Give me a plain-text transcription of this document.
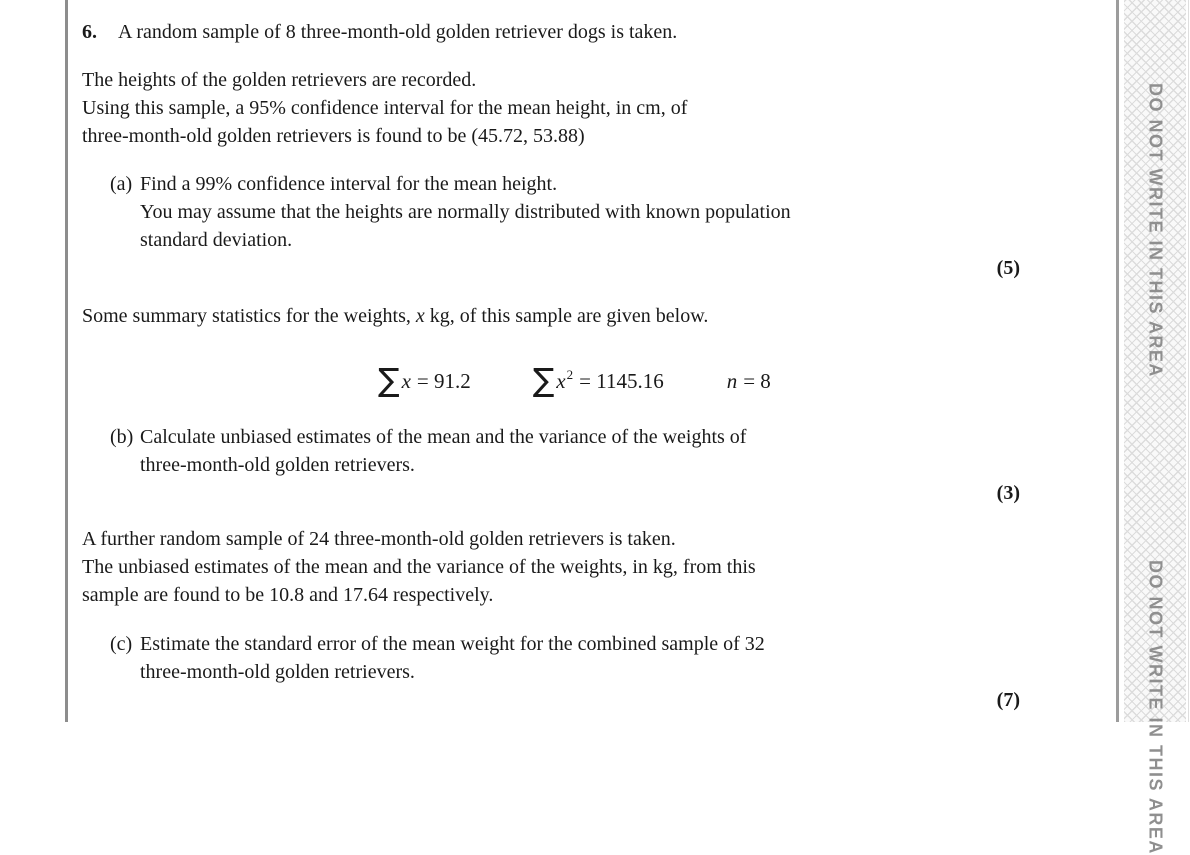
6.	A random sample of 8 three-month-old golden retriever dogs is taken.
The heights of the golden retrievers are recorded.
Using this sample, a 95% confidence interval for the mean height, in cm, of
three-month-old golden retrievers is found to be (45.72, 53.88)
(a) Find a 99% confidence interval for the mean height.
You may assume that the heights are normally distributed with known population
standard deviation.
(5)
Some summary statistics for the weights, x kg, of this sample are given below.
∑ x = 91.2 ∑ x 2 = 1145.16	n = 8
(b) Calculate unbiased estimates of the mean and the variance of the weights of
three-month-old golden retrievers.
(3)
A further random sample of 24 three-month-old golden retrievers is taken.
The unbiased estimates of the mean and the variance of the weights, in kg, from this
sample are found to be 10.8 and 17.64 respectively.
(c) Estimate the standard error of the mean weight for the combined sample of 32
three-month-old golden retrievers.
(7)
DO NOT WRITE IN THIS AREA
DO NOT WRITE IN THIS AREA
